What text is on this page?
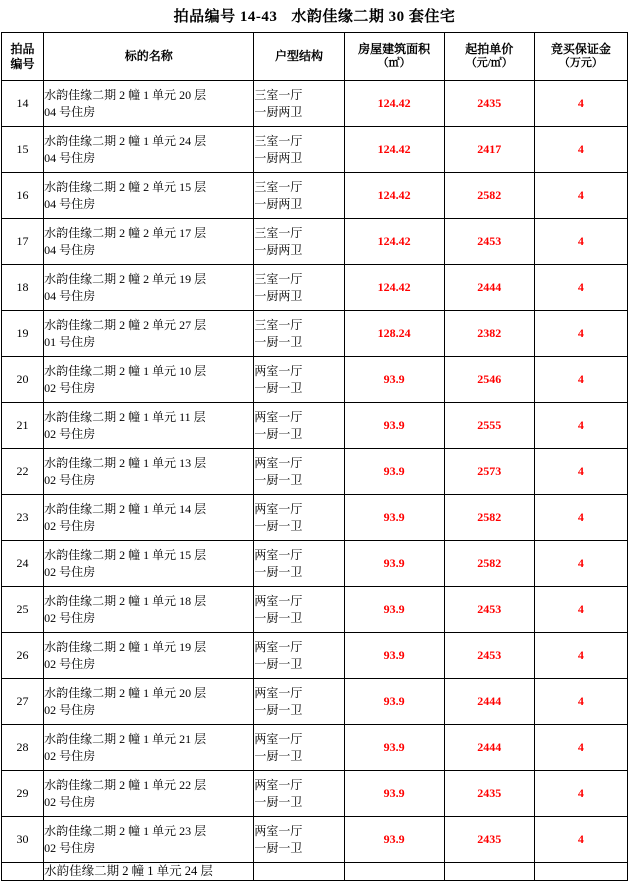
拍品编号 14-43 水韵佳缘二期 30 套住宅
拍品
编号	标的名称	户型结构	房屋建筑面积
（㎡）	起拍单价
（元/㎡）	竞买保证金
（万元）

14	水韵佳缘二期 2 幢 1 单元 20 层
04 号住房	三室一厅
一厨两卫	124.42	2435	4
15	水韵佳缘二期 2 幢 1 单元 24 层
04 号住房	三室一厅
一厨两卫	124.42	2417	4
16	水韵佳缘二期 2 幢 2 单元 15 层
04 号住房	三室一厅
一厨两卫	124.42	2582	4
17	水韵佳缘二期 2 幢 2 单元 17 层
04 号住房	三室一厅
一厨两卫	124.42	2453	4
18	水韵佳缘二期 2 幢 2 单元 19 层
04 号住房	三室一厅
一厨两卫	124.42	2444	4
19	水韵佳缘二期 2 幢 2 单元 27 层
01 号住房	三室一厅
一厨一卫	128.24	2382	4
20	水韵佳缘二期 2 幢 1 单元 10 层
02 号住房	两室一厅
一厨一卫	93.9	2546	4
21	水韵佳缘二期 2 幢 1 单元 11 层
02 号住房	两室一厅
一厨一卫	93.9	2555	4
22	水韵佳缘二期 2 幢 1 单元 13 层
02 号住房	两室一厅
一厨一卫	93.9	2573	4
23	水韵佳缘二期 2 幢 1 单元 14 层
02 号住房	两室一厅
一厨一卫	93.9	2582	4
24	水韵佳缘二期 2 幢 1 单元 15 层
02 号住房	两室一厅
一厨一卫	93.9	2582	4
25	水韵佳缘二期 2 幢 1 单元 18 层
02 号住房	两室一厅
一厨一卫	93.9	2453	4
26	水韵佳缘二期 2 幢 1 单元 19 层
02 号住房	两室一厅
一厨一卫	93.9	2453	4
27	水韵佳缘二期 2 幢 1 单元 20 层
02 号住房	两室一厅
一厨一卫	93.9	2444	4
28	水韵佳缘二期 2 幢 1 单元 21 层
02 号住房	两室一厅
一厨一卫	93.9	2444	4
29	水韵佳缘二期 2 幢 1 单元 22 层
02 号住房	两室一厅
一厨一卫	93.9	2435	4
30	水韵佳缘二期 2 幢 1 单元 23 层
02 号住房	两室一厅
一厨一卫	93.9	2435	4

	水韵佳缘二期 2 幢 1 单元 24 层				
